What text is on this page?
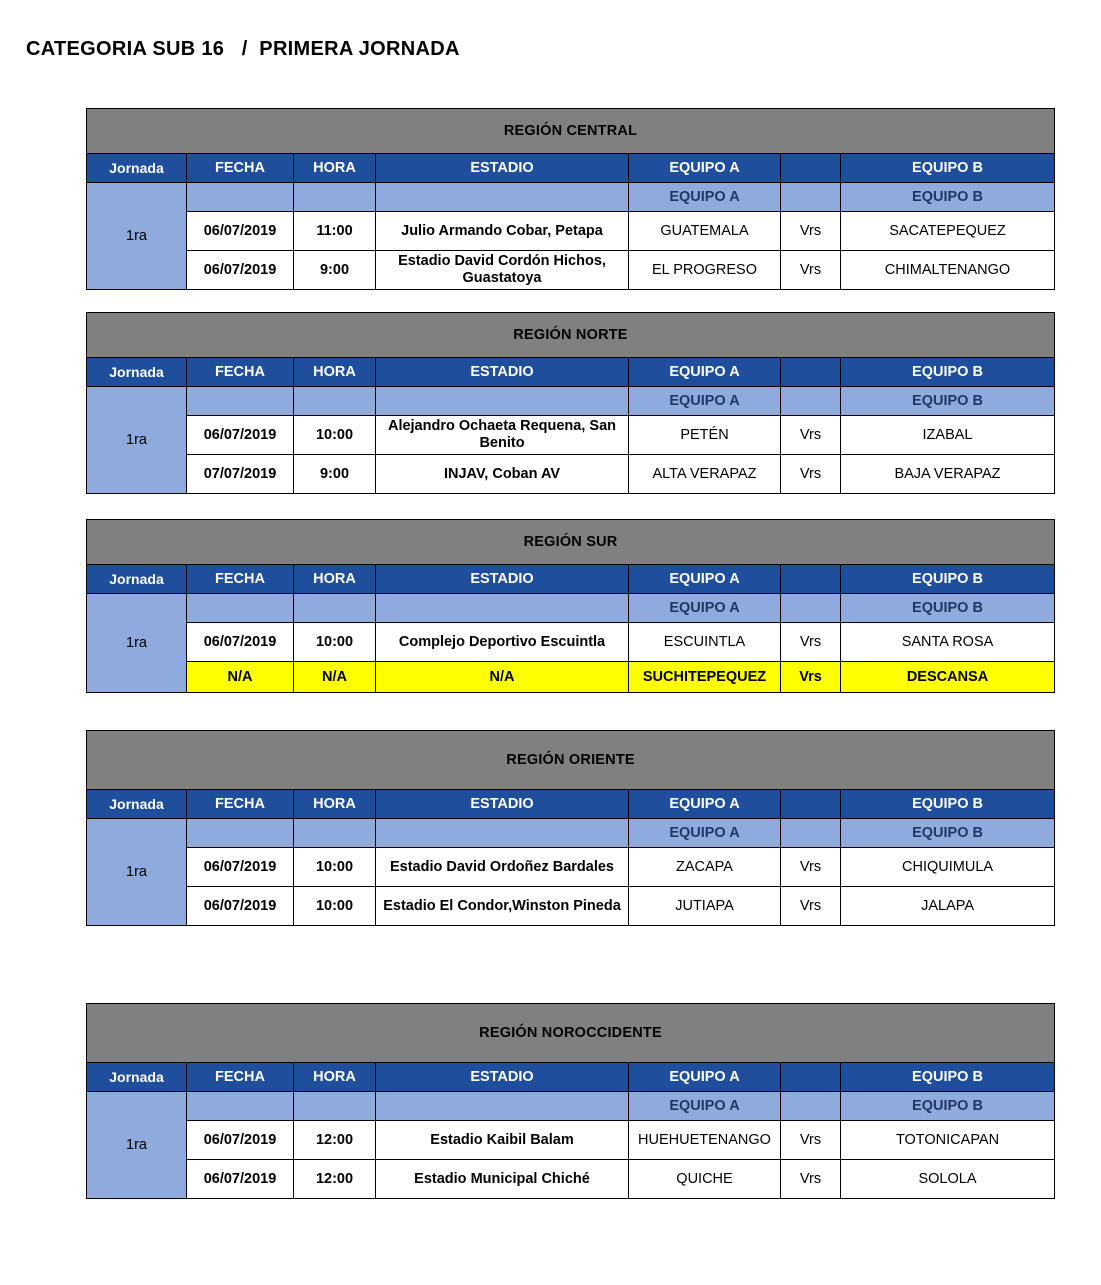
CATEGORIA SUB 16   /  PRIMERA JORNADA
REGIÓN CENTRAL						
Jornada	FECHA	HORA	ESTADIO	EQUIPO A		EQUIPO B
1ra				EQUIPO A		EQUIPO B
	06/07/2019	11:00	Julio Armando Cobar, Petapa	GUATEMALA	Vrs	SACATEPEQUEZ
	06/07/2019	9:00	Estadio David Cordón Hichos, Guastatoya	EL PROGRESO	Vrs	CHIMALTENANGO
REGIÓN NORTE						
Jornada	FECHA	HORA	ESTADIO	EQUIPO A		EQUIPO B
1ra				EQUIPO A		EQUIPO B
	06/07/2019	10:00	Alejandro Ochaeta Requena, San Benito	PETÉN	Vrs	IZABAL
	07/07/2019	9:00	INJAV, Coban AV	ALTA VERAPAZ	Vrs	BAJA VERAPAZ
REGIÓN SUR						
Jornada	FECHA	HORA	ESTADIO	EQUIPO A		EQUIPO B
1ra				EQUIPO A		EQUIPO B
	06/07/2019	10:00	Complejo Deportivo Escuintla	ESCUINTLA	Vrs	SANTA ROSA
	N/A	N/A	N/A	SUCHITEPEQUEZ	Vrs	DESCANSA
REGIÓN ORIENTE						
Jornada	FECHA	HORA	ESTADIO	EQUIPO A		EQUIPO B
1ra				EQUIPO A		EQUIPO B
	06/07/2019	10:00	Estadio David Ordoñez Bardales	ZACAPA	Vrs	CHIQUIMULA
	06/07/2019	10:00	Estadio El Condor,Winston Pineda	JUTIAPA	Vrs	JALAPA
REGIÓN NOROCCIDENTE						
Jornada	FECHA	HORA	ESTADIO	EQUIPO A		EQUIPO B
1ra				EQUIPO A		EQUIPO B
	06/07/2019	12:00	Estadio Kaibil Balam	HUEHUETENANGO	Vrs	TOTONICAPAN
	06/07/2019	12:00	Estadio Municipal Chiché	QUICHE	Vrs	SOLOLA
